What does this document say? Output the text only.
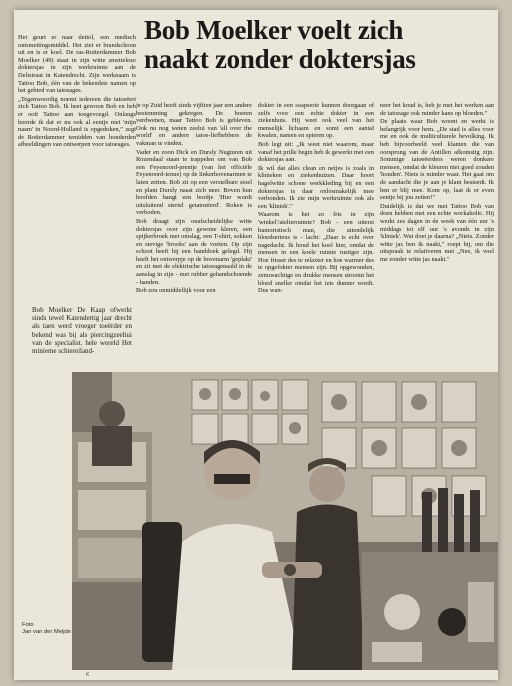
Het geurt er naar dettol, een medisch ontsmettingsmiddel. Het ziet er brandschoon uit en is er koel. De ras-Rotterdammer Bob Moelker (49) staat in zijn witte smetteloze doktersjas in zijn werkruimte aan de Delistraat in Katendrecht. Zijn werknaam is Tattoo Bob, één van de bekendste namen op het gebied van tatoeages.

„Tegenwoordig noemt iedereen die tatoeëert zich Tattoo Bob. Ik heet gewoon Bob en heb er ooit Tattoo aan toegevoegd. Onlangs hoorde ik dat er nu ook al eentje met 'mijn naam' in Noord-Holland is opgedoken,” zegt de Rotterdammer temidden van honderden afbeeldingen van ontwerpen voor tatoeages.

Bob Moelker voelt zich
naakt zonder doktersjas

je op Zuid heeft sinds vijftien jaar een andere bestemming gekregen. De hoeren verdwenen, maar Tattoo Bob is gebleven. Ook nu nog weten zeelui van 'all over the world' en andere tatoe-liefhebbers de vakman te vinden.

Vader en zoon Dick en Dursly Nugturen uit Rozendaal staan te trappelen om van Bob een Feyenoord-prentje (van het officiële Feyenoord-tenue) op de linkerbovenarmen te laten zetten. Bob zit op een verstelbare stoel en plant Dursly naast zich neer. Boven hun hoofden hangt een bordje 'Hier wordt uitsluitend steriel getatoeëerd'. Roken is verboden.

Bob draagt zijn onafscheidelijke witte doktersjas over zijn gewone kleren, een spijkerbroek met omslag, een T-shirt, sokken en stevige 'brooks' aan de voeten. Op zijn schoot heeft hij een handdoek gelegd. Hij heeft het ontwerpje op de bovenarm 'geplakt' en zit met de elektrische tatoeagenaald in de aanslag in zijn - met rubber gehandschoende - handen.

Bob zou onmiddellijk voor een

dokter in een soapserie kunnen doorgaan of zelfs voor een echte dokter in een ziekenhuis. Hij weet ook veel van het menselijk lichaam en somt een aantal kwalen, namen en spieren op.

Bob legt uit: „Ik weet niet waarom, maar vanaf het prille begin heb ik gewerkt met een doktersjas aan.

Ik wil dat alles clean en netjes is zoals in klinieken en ziekenhuizen. Daar hoort hagelwitte schone werkkleding bij en een doktersjas is daar onlosmakelijk mee verbonden. Ik zie mijn werkruimte ook als een 'kliniek'."

Waarom is het zo fris in zijn 'winkel'/atelierruimte? Bob - een uiterst humoristisch man, die uitendelijk bloedserieus is - lacht: „Daar is echt over nagedacht. Ik houd het koel hier, omdat de mensen in een koele ruimte rustiger zijn. Hoe frisser des te relaxter en hoe warmer des te opgefokter mensen zijn. Bij opgewonden, zenuwachtige en drukke mensen stroomt het bloed sneller omdat het iets dunner wordt. Dus wan-

neer het koud is, heb je met het werken aan de tatoeage ook minder kans op bloeden."

De plaats waar Bob woont en werkt is belangrijk voor hem. „De stad is alles voor me en ook de multiculturele bevolking. Ik heb bijvoorbeeld veel klanten die van oorsprong van de Antillen afkomstig zijn. Sommige tatoeëerders weren donkere mensen, omdat de kleuren niet goed zouden 'houden'. Niets is minder waar. Het gaat om de aandacht die je aan je klant besteedt. Ik ben er blij mee. Kom op, laat ik er even eentje bij jou zetten!"

Duidelijk is dat we met Tattoo Bob van doen hebben met een echte workaholic. Hij werkt zes dagen in de week van één uur 's middags tot elf uur 's avonds in zijn 'kliniek'. Wat doet je daarna? „Niets. Zonder witte jas ben ik naakt," roept hij, om die uitspraak te relativeren met „Nee, ik voel me zonder witte jas naakt."

Bob Moelker De Kaap ofwerkt sinds tewel Katendertig jaar drecht als taen werd vroeger toeërder en bekend was bij als piercingzeeliui van de specialist. hele wereld Het minieme schiereiland-
Foto
Jan van der Meijde
K
